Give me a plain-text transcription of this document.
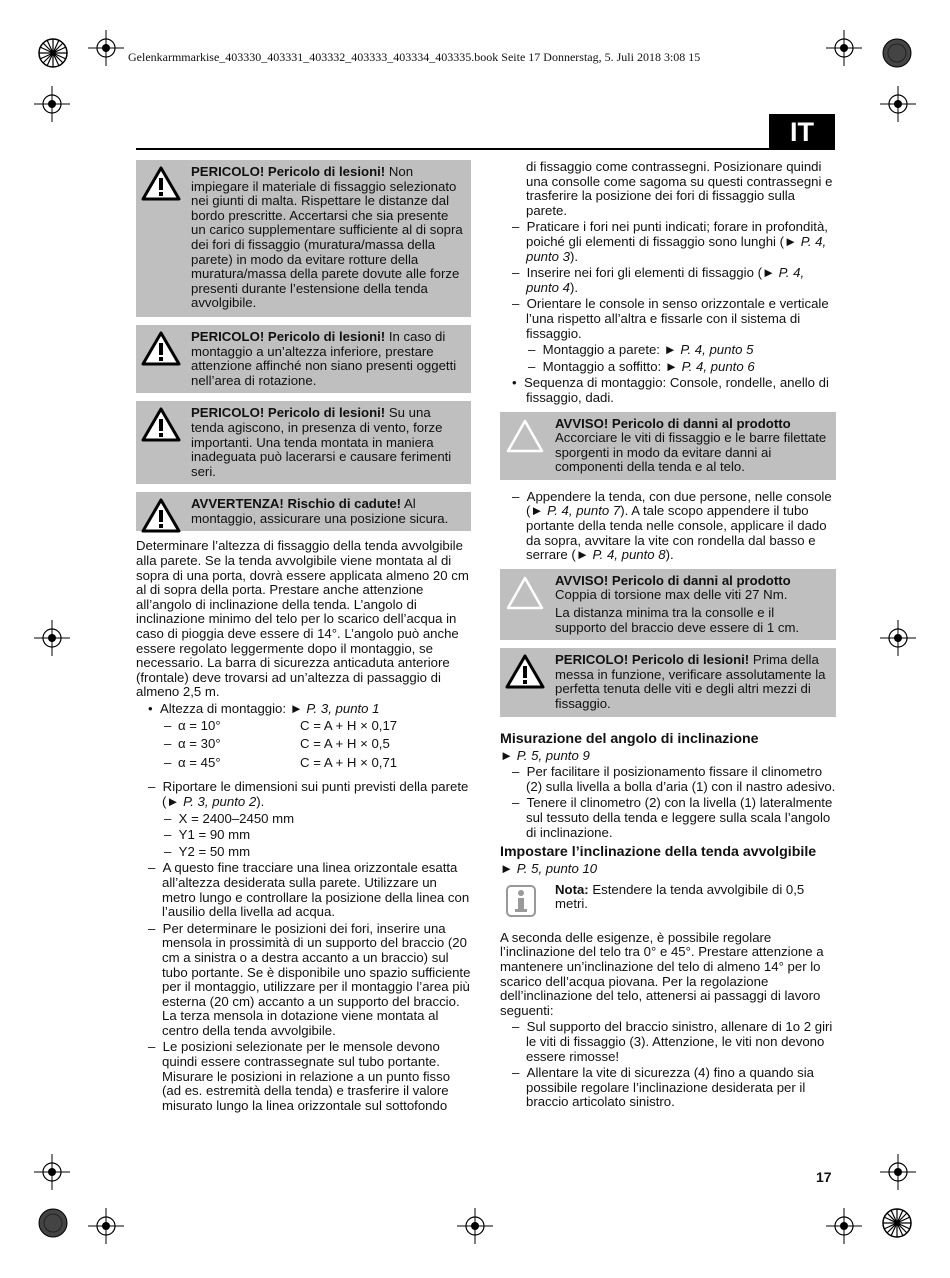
Gelenkarmmarkise_403330_403331_403332_403333_403334_403335.book Seite 17 Donnerstag, 5. Juli 2018 3:08 15
IT
17

PERICOLO! Pericolo di lesioni! Non impiegare il materiale di fissaggio selezionato nei giunti di malta. Rispettare le distanze dal bordo prescritte. Accertarsi che sia presente un carico supplementare sufficiente al di sopra dei fori di fissaggio (muratura/massa della parete) in modo da evitare rotture della muratura/massa della parete dovute alle forze presenti durante l’estensione della tenda avvolgibile.

PERICOLO! Pericolo di lesioni! In caso di montaggio a un’altezza inferiore, prestare attenzione affinché non siano presenti oggetti nell’area di rotazione.

PERICOLO! Pericolo di lesioni! Su una tenda agiscono, in presenza di vento, forze importanti. Una tenda montata in maniera inadeguata può lacerarsi e causare ferimenti seri.

AVVERTENZA! Rischio di cadute! Al montaggio, assicurare una posizione sicura.

Determinare l’altezza di fissaggio della tenda avvolgibile alla parete. Se la tenda avvolgibile viene montata al di sopra di una porta, dovrà essere applicata almeno 20 cm al di sopra della porta. Prestare anche attenzione all’angolo di inclinazione della tenda. L’angolo di inclinazione minimo del telo per lo scarico dell’acqua in caso di pioggia deve essere di 14°. L’angolo può anche essere regolato leggermente dopo il montaggio, se necessario. La barra di sicurezza anticaduta anteriore (frontale) deve trovarsi ad un’altezza di passaggio di almeno 2,5 m.

•  Altezza di montaggio: ► P. 3, punto 1

– α = 10°	C = A + H × 0,17
– α = 30°	C = A + H × 0,5
– α = 45°	C = A + H × 0,71

–  Riportare le dimensioni sui punti previsti della parete (► P. 3, punto 2).

–  X = 2400–2450 mm

–  Y1 = 90 mm

–  Y2 = 50 mm

–  A questo fine tracciare una linea orizzontale esatta all’altezza desiderata sulla parete. Utilizzare un metro lungo e controllare la posizione della linea con l’ausilio della livella ad acqua.

–  Per determinare le posizioni dei fori, inserire una mensola in prossimità di un supporto del braccio (20 cm a sinistra o a destra accanto a un braccio) sul tubo portante. Se è disponibile uno spazio sufficiente per il montaggio, utilizzare per il montaggio l’area più esterna (20 cm) accanto a un supporto del braccio. La terza mensola in dotazione viene montata al centro della tenda avvolgibile.

–  Le posizioni selezionate per le mensole devono quindi essere contrassegnate sul tubo portante. Misurare le posizioni in relazione a un punto fisso (ad es. estremità della tenda) e trasferire il valore misurato lungo la linea orizzontale sul sottofondo

di fissaggio come contrassegni. Posizionare quindi una consolle come sagoma su questi contrassegni e trasferire la posizione dei fori di fissaggio sulla parete.

–  Praticare i fori nei punti indicati; forare in profondità, poiché gli elementi di fissaggio sono lunghi (► P. 4, punto 3).

–  Inserire nei fori gli elementi di fissaggio (► P. 4, punto 4).

–  Orientare le console in senso orizzontale e verticale l’una rispetto all’altra e fissarle con il sistema di fissaggio.

–  Montaggio a parete: ► P. 4, punto 5

–  Montaggio a soffitto: ► P. 4, punto 6

•  Sequenza di montaggio: Console, rondelle, anello di fissaggio, dadi.

AVVISO! Pericolo di danni al prodotto
Accorciare le viti di fissaggio e le barre filettate sporgenti in modo da evitare danni ai componenti della tenda e al telo.

–  Appendere la tenda, con due persone, nelle console (► P. 4, punto 7). A tale scopo appendere il tubo portante della tenda nelle console, applicare il dado da sopra, avvitare la vite con rondella dal basso e serrare (► P. 4, punto 8).

AVVISO! Pericolo di danni al prodotto
Coppia di torsione max delle viti 27 Nm.

La distanza minima tra la consolle e il supporto del braccio deve essere di 1 cm.

PERICOLO! Pericolo di lesioni! Prima della messa in funzione, verificare assolutamente la perfetta tenuta delle viti e degli altri mezzi di fissaggio.

Misurazione del angolo di inclinazione

► P. 5, punto 9

–  Per facilitare il posizionamento fissare il clinometro (2) sulla livella a bolla d’aria (1) con il nastro adesivo.

–  Tenere il clinometro (2) con la livella (1) lateralmente sul tessuto della tenda e leggere sulla scala l’angolo di inclinazione.

Impostare l’inclinazione della tenda avvolgibile

► P. 5, punto 10

Nota: Estendere la tenda avvolgibile di 0,5 metri.

A seconda delle esigenze, è possibile regolare l’inclinazione del telo tra 0° e 45°. Prestare attenzione a mantenere un’inclinazione del telo di almeno 14° per lo scarico dell’acqua piovana. Per la regolazione dell’inclinazione del telo, attenersi ai passaggi di lavoro seguenti:

–  Sul supporto del braccio sinistro, allenare di 1o 2 giri le viti di fissaggio (3). Attenzione, le viti non devono essere rimosse!

–  Allentare la vite di sicurezza (4) fino a quando sia possibile regolare l’inclinazione desiderata per il braccio articolato sinistro.
